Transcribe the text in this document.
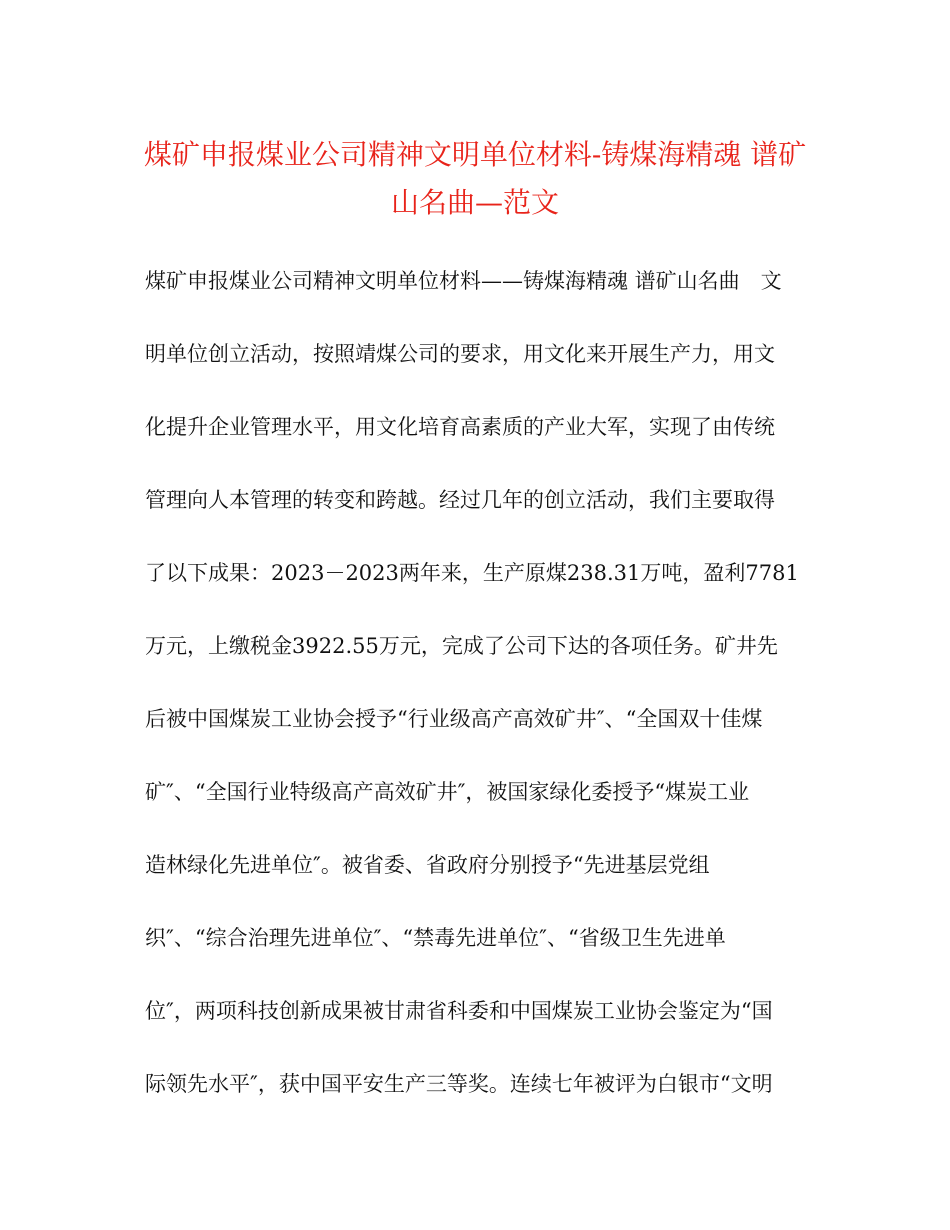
煤矿申报煤业公司精神文明单位材料-铸煤海精魂 谱矿
山名曲—范文

煤矿申报煤业公司精神文明单位材料——铸煤海精魂 谱矿山名曲　文

明单位创立活动，按照靖煤公司的要求，用文化来开展生产力，用文

化提升企业管理水平，用文化培育高素质的产业大军，实现了由传统

管理向人本管理的转变和跨越。经过几年的创立活动，我们主要取得

了以下成果：2023－2023两年来，生产原煤238.31万吨，盈利7781

万元，上缴税金3922.55万元，完成了公司下达的各项任务。矿井先

后被中国煤炭工业协会授予“行业级高产高效矿井″、“全国双十佳煤

矿″、“全国行业特级高产高效矿井″，被国家绿化委授予“煤炭工业

造林绿化先进单位″。被省委、省政府分别授予“先进基层党组

织″、“综合治理先进单位″、“禁毒先进单位″、“省级卫生先进单

位″，两项科技创新成果被甘肃省科委和中国煤炭工业协会鉴定为“国

际领先水平″，获中国平安生产三等奖。连续七年被评为白银市“文明
